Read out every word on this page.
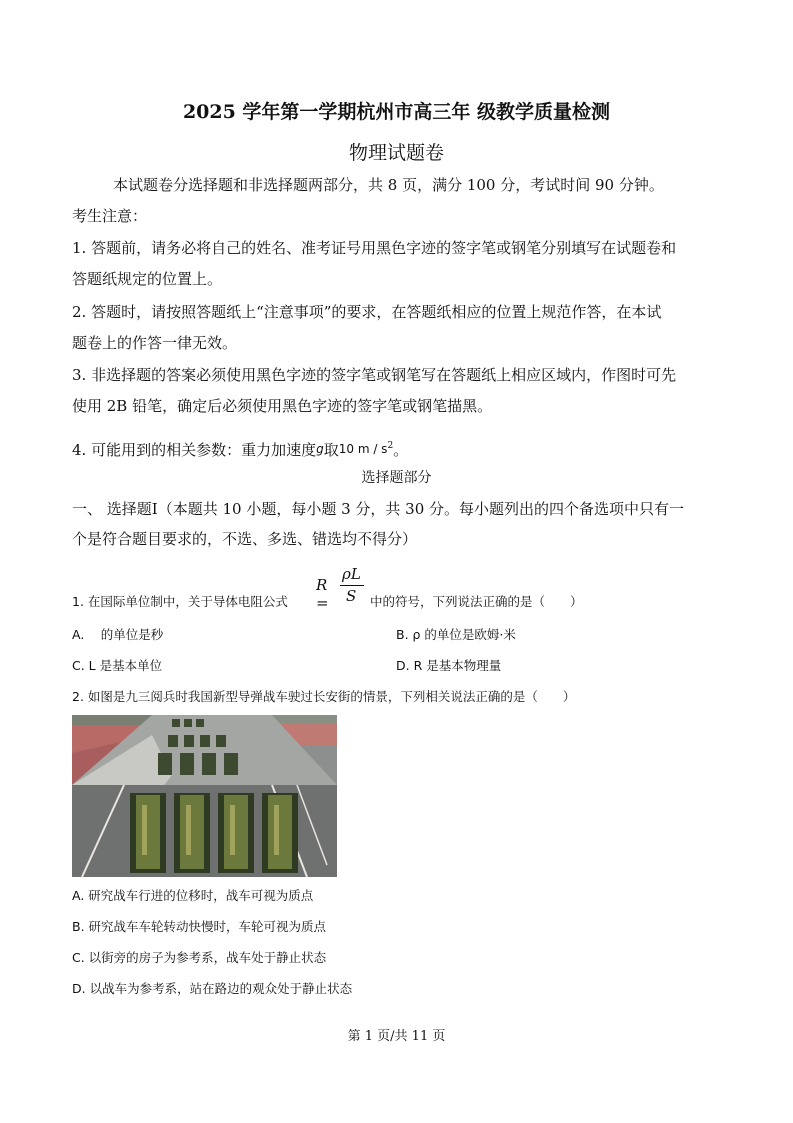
2025 学年第一学期杭州市高三年 级教学质量检测
物理试题卷
本试题卷分选择题和非选择题两部分，共 8 页，满分 100 分，考试时间 90 分钟。
考生注意：
1. 答题前，请务必将自己的姓名、准考证号用黑色字迹的签字笔或钢笔分别填写在试题卷和
答题纸规定的位置上。
2. 答题时，请按照答题纸上“注意事项”的要求，在答题纸相应的位置上规范作答，在本试
题卷上的作答一律无效。
3. 非选择题的答案必须使用黑色字迹的签字笔或钢笔写在答题纸上相应区域内，作图时可先
使用 2B 铅笔，确定后必须使用黑色字迹的签字笔或钢笔描黑。
4. 可能用到的相关参数：重力加速度g取10 m / $s^2$。
选择题部分
一、 选择题Ⅰ（本题共 10 小题，每小题 3 分，共 30 分。每小题列出的四个备选项中只有一
个是符合题目要求的，不选、多选、错选均不得分）
R =
ρL
S
1. 在国际单位制中，关于导体电阻公式	中的符号，下列说法正确的是（　　）
A.　 的单位是秒	B. ρ 的单位是欧姆·米
C. L 是基本单位	D. R 是基本物理量
2. 如图是九三阅兵时我国新型导弹战车驶过长安街的情景，下列相关说法正确的是（　　）
A. 研究战车行进的位移时，战车可视为质点
B. 研究战车车轮转动快慢时，车轮可视为质点
C. 以街旁的房子为参考系，战车处于静止状态
D. 以战车为参考系，站在路边的观众处于静止状态
第 1 页/共 11 页
